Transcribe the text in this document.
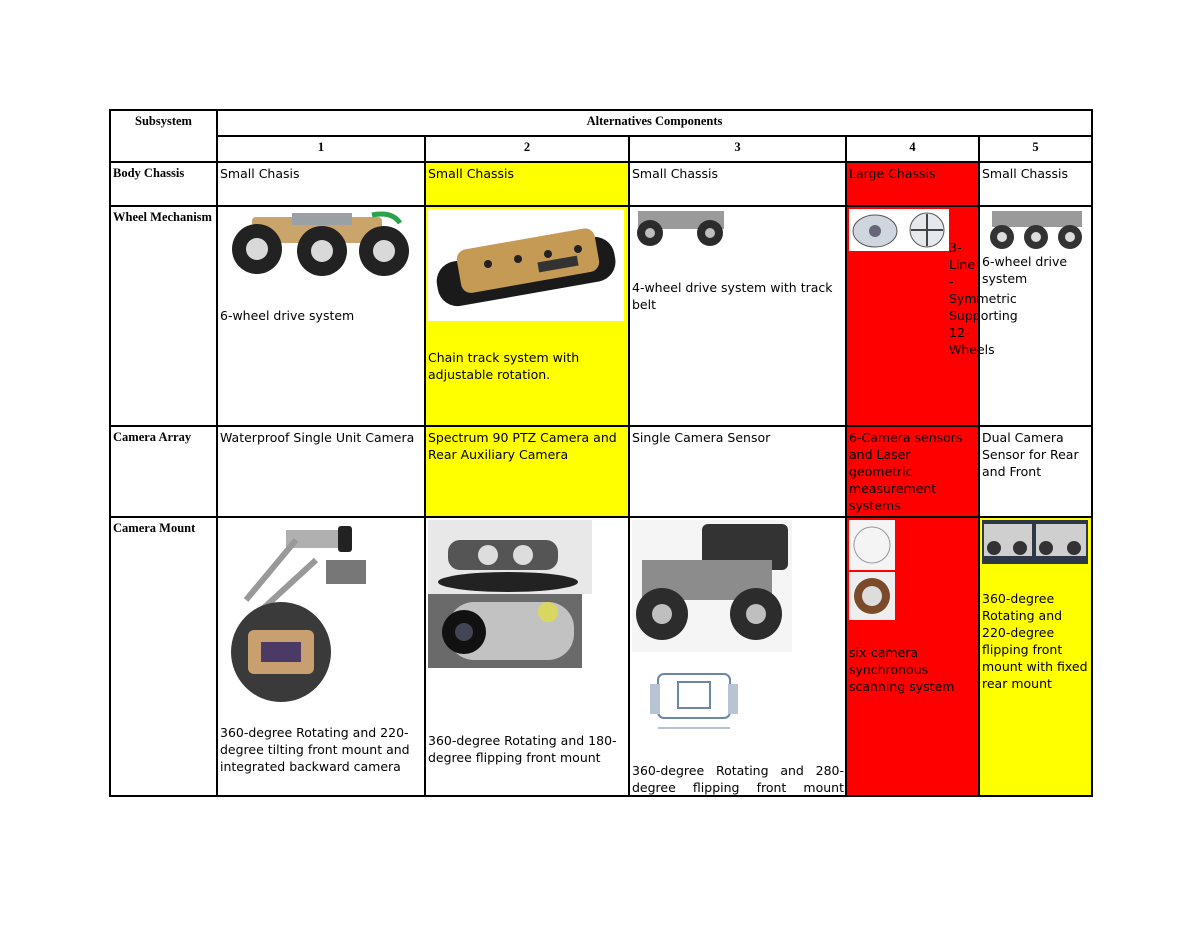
Subsystem	Alternatives Components				
	1	2	3	4	5
Body Chassis	Small Chasis	Small Chassis	Small Chassis	Large Chassis	Small Chassis
Wheel Mechanism	6-wheel drive system	Chain track system with adjustable rotation.	4-wheel drive system with track belt	3-Line -Symmetric Supporting 12-Wheels	6-wheel drive system

Camera Array	Waterproof Single Unit Camera	Spectrum 90 PTZ Camera and Rear Auxiliary Camera	Single Camera Sensor	6-Camera sensors and Laser geometric measurement systems	Dual Camera Sensor for Rear and Front
Camera Mount	360-degree Rotating and 220-degree tilting front mount and integrated backward camera	360-degree Rotating and 180-degree flipping front mount	360-degree Rotating and 280-degree flipping front mount	six-camera synchronous scanning system	360-degree Rotating and 220-degree flipping front mount with fixed rear mount
